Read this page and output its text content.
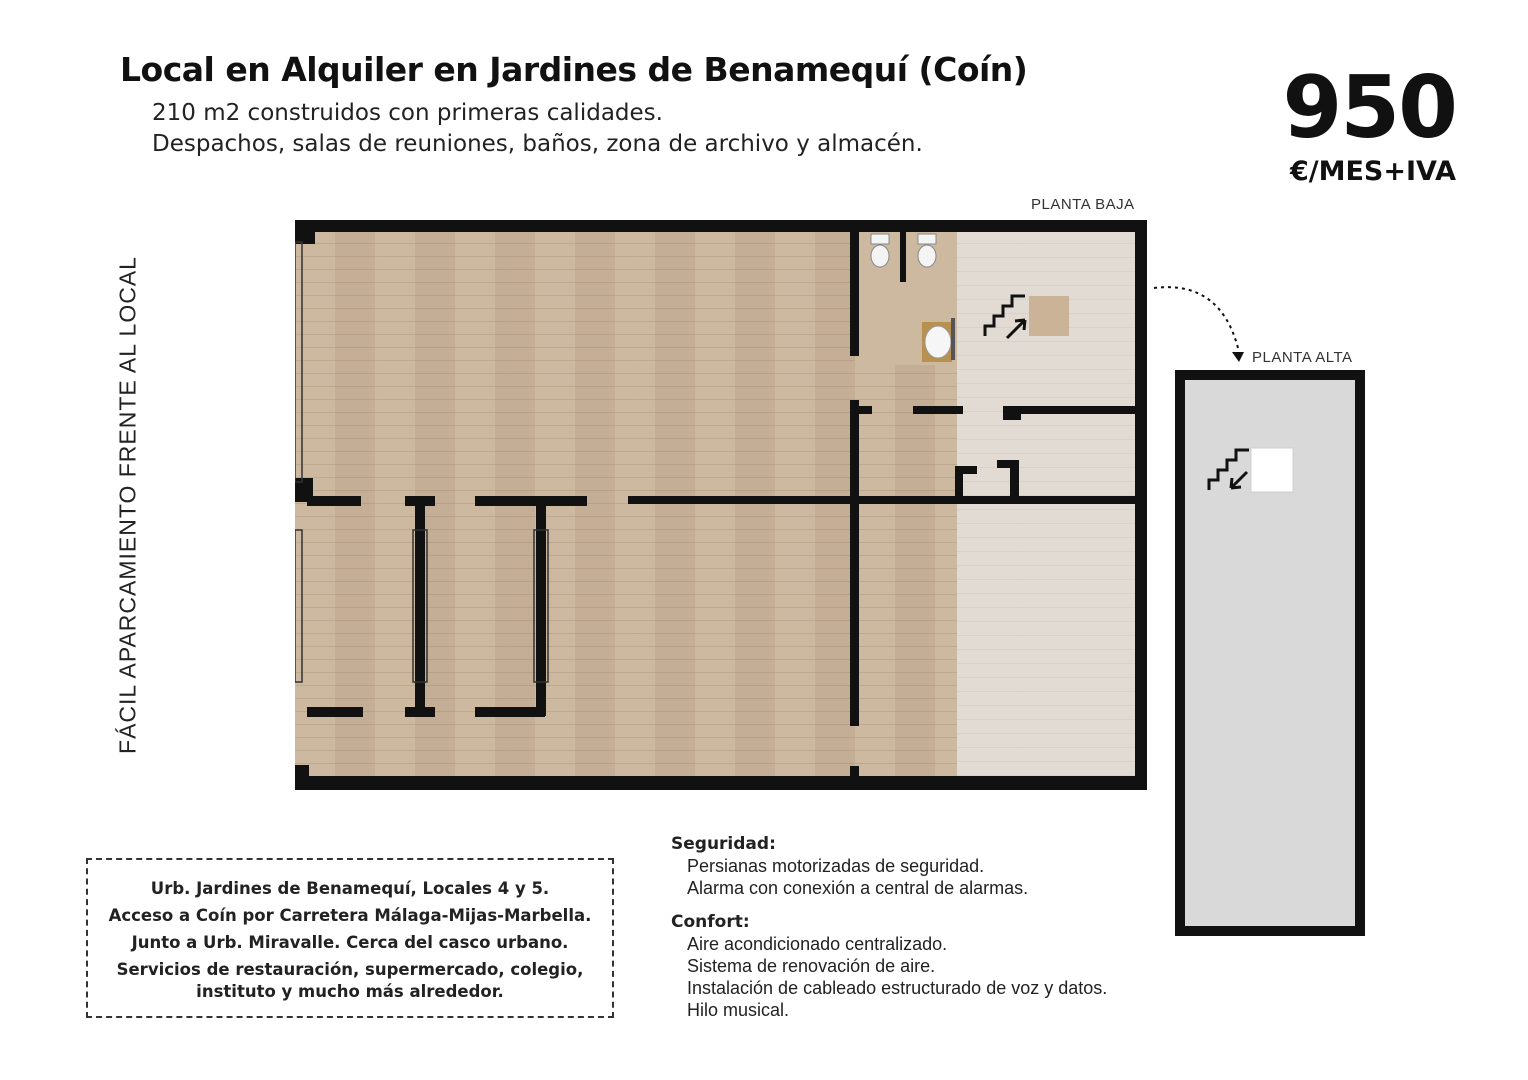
Local en Alquiler en Jardines de Benamequí (Coín)
210 m2 construidos con primeras calidades.
Despachos, salas de reuniones, baños, zona de archivo y almacén.	950
€/MES+IVA
FÁCIL APARCAMIENTO FRENTE AL LOCAL
PLANTA BAJA
PLANTA ALTA
Urb. Jardines de Benamequí, Locales 4 y 5.
Acceso a Coín por Carretera Málaga-Mijas-Marbella.
Junto a Urb. Miravalle. Cerca del casco urbano.
Servicios de restauración, supermercado, colegio,
instituto y mucho más alrededor.
Seguridad:
Persianas motorizadas de seguridad.
Alarma con conexión a central de alarmas.
Confort:
Aire acondicionado centralizado.
Sistema de renovación de aire.
Instalación de cableado estructurado de voz y datos.
Hilo musical.
